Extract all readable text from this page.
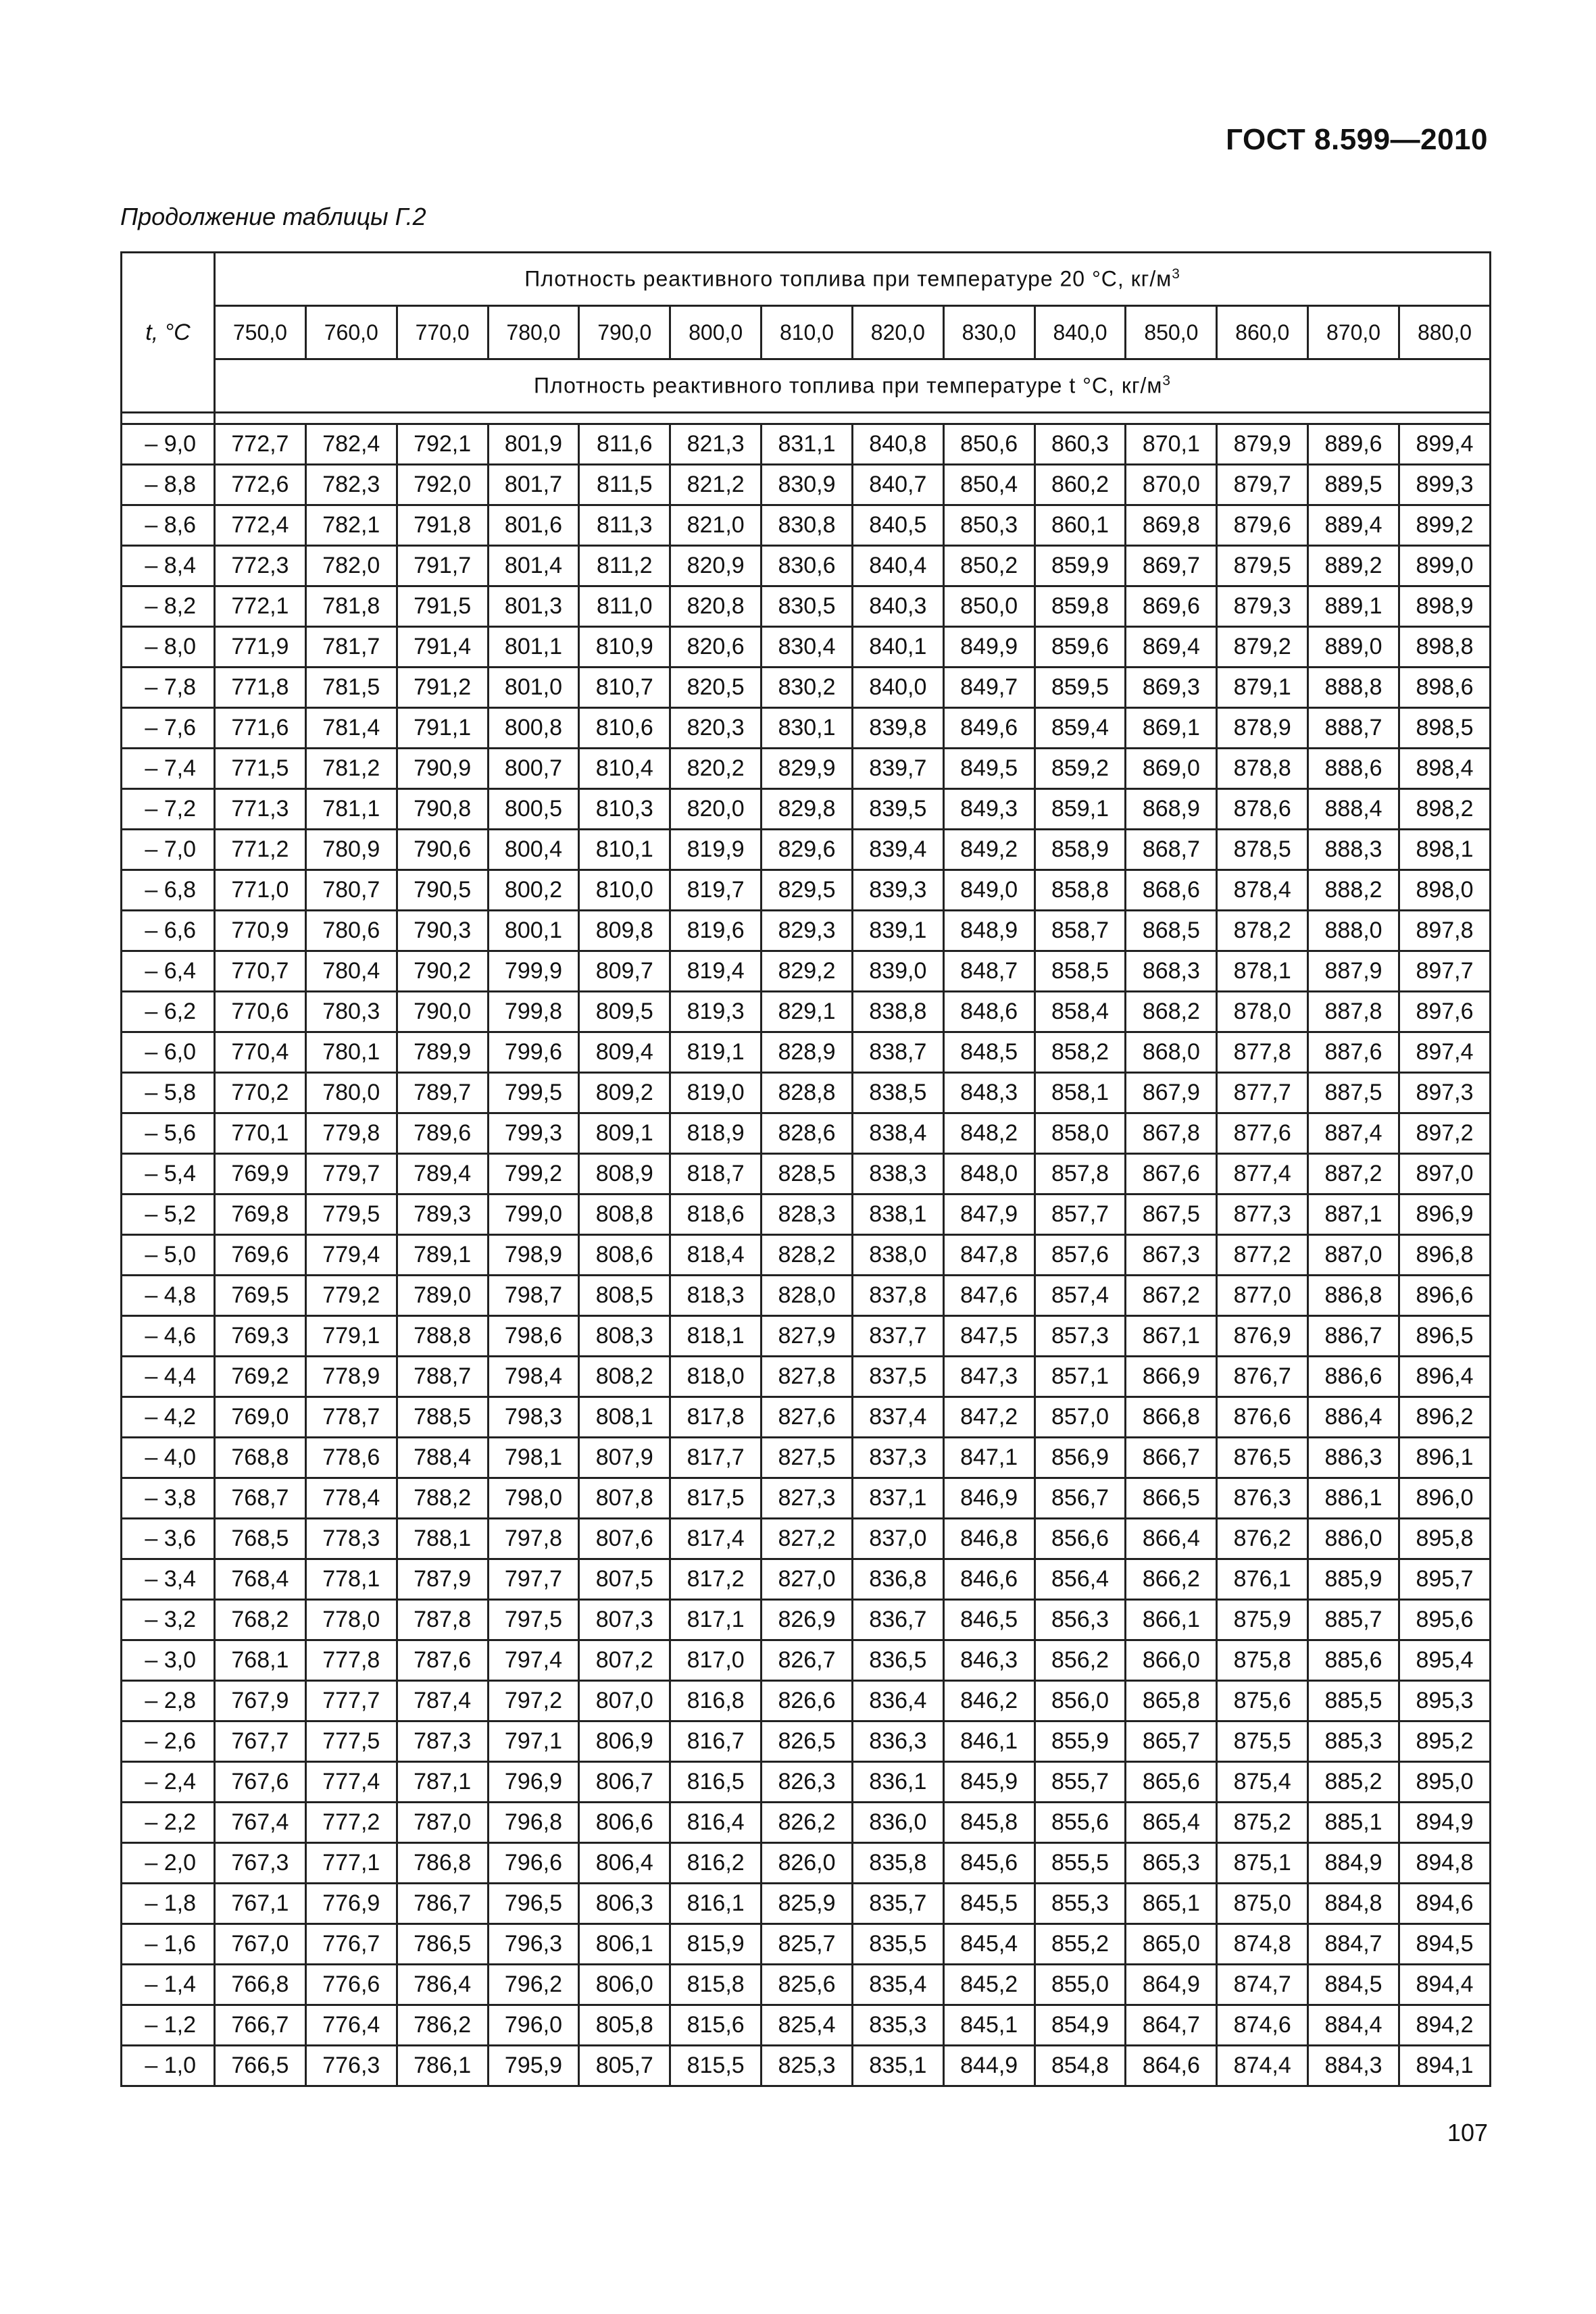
ГОСТ 8.599—2010
Продолжение таблицы Г.2
t, °C	Плотность реактивного топлива при температуре 20 °С, $кг/м^3$
	750,0	760,0	770,0	780,0	790,0	800,0	810,0	820,0	830,0	840,0	850,0	860,0	870,0	880,0
	Плотность реактивного топлива при температуре t °С, $кг/м^3$

– 9,0	772,7	782,4	792,1	801,9	811,6	821,3	831,1	840,8	850,6	860,3	870,1	879,9	889,6	899,4
– 8,8	772,6	782,3	792,0	801,7	811,5	821,2	830,9	840,7	850,4	860,2	870,0	879,7	889,5	899,3
– 8,6	772,4	782,1	791,8	801,6	811,3	821,0	830,8	840,5	850,3	860,1	869,8	879,6	889,4	899,2
– 8,4	772,3	782,0	791,7	801,4	811,2	820,9	830,6	840,4	850,2	859,9	869,7	879,5	889,2	899,0
– 8,2	772,1	781,8	791,5	801,3	811,0	820,8	830,5	840,3	850,0	859,8	869,6	879,3	889,1	898,9
– 8,0	771,9	781,7	791,4	801,1	810,9	820,6	830,4	840,1	849,9	859,6	869,4	879,2	889,0	898,8
– 7,8	771,8	781,5	791,2	801,0	810,7	820,5	830,2	840,0	849,7	859,5	869,3	879,1	888,8	898,6
– 7,6	771,6	781,4	791,1	800,8	810,6	820,3	830,1	839,8	849,6	859,4	869,1	878,9	888,7	898,5
– 7,4	771,5	781,2	790,9	800,7	810,4	820,2	829,9	839,7	849,5	859,2	869,0	878,8	888,6	898,4
– 7,2	771,3	781,1	790,8	800,5	810,3	820,0	829,8	839,5	849,3	859,1	868,9	878,6	888,4	898,2
– 7,0	771,2	780,9	790,6	800,4	810,1	819,9	829,6	839,4	849,2	858,9	868,7	878,5	888,3	898,1
– 6,8	771,0	780,7	790,5	800,2	810,0	819,7	829,5	839,3	849,0	858,8	868,6	878,4	888,2	898,0
– 6,6	770,9	780,6	790,3	800,1	809,8	819,6	829,3	839,1	848,9	858,7	868,5	878,2	888,0	897,8
– 6,4	770,7	780,4	790,2	799,9	809,7	819,4	829,2	839,0	848,7	858,5	868,3	878,1	887,9	897,7
– 6,2	770,6	780,3	790,0	799,8	809,5	819,3	829,1	838,8	848,6	858,4	868,2	878,0	887,8	897,6
– 6,0	770,4	780,1	789,9	799,6	809,4	819,1	828,9	838,7	848,5	858,2	868,0	877,8	887,6	897,4
– 5,8	770,2	780,0	789,7	799,5	809,2	819,0	828,8	838,5	848,3	858,1	867,9	877,7	887,5	897,3
– 5,6	770,1	779,8	789,6	799,3	809,1	818,9	828,6	838,4	848,2	858,0	867,8	877,6	887,4	897,2
– 5,4	769,9	779,7	789,4	799,2	808,9	818,7	828,5	838,3	848,0	857,8	867,6	877,4	887,2	897,0
– 5,2	769,8	779,5	789,3	799,0	808,8	818,6	828,3	838,1	847,9	857,7	867,5	877,3	887,1	896,9
– 5,0	769,6	779,4	789,1	798,9	808,6	818,4	828,2	838,0	847,8	857,6	867,3	877,2	887,0	896,8
– 4,8	769,5	779,2	789,0	798,7	808,5	818,3	828,0	837,8	847,6	857,4	867,2	877,0	886,8	896,6
– 4,6	769,3	779,1	788,8	798,6	808,3	818,1	827,9	837,7	847,5	857,3	867,1	876,9	886,7	896,5
– 4,4	769,2	778,9	788,7	798,4	808,2	818,0	827,8	837,5	847,3	857,1	866,9	876,7	886,6	896,4
– 4,2	769,0	778,7	788,5	798,3	808,1	817,8	827,6	837,4	847,2	857,0	866,8	876,6	886,4	896,2
– 4,0	768,8	778,6	788,4	798,1	807,9	817,7	827,5	837,3	847,1	856,9	866,7	876,5	886,3	896,1
– 3,8	768,7	778,4	788,2	798,0	807,8	817,5	827,3	837,1	846,9	856,7	866,5	876,3	886,1	896,0
– 3,6	768,5	778,3	788,1	797,8	807,6	817,4	827,2	837,0	846,8	856,6	866,4	876,2	886,0	895,8
– 3,4	768,4	778,1	787,9	797,7	807,5	817,2	827,0	836,8	846,6	856,4	866,2	876,1	885,9	895,7
– 3,2	768,2	778,0	787,8	797,5	807,3	817,1	826,9	836,7	846,5	856,3	866,1	875,9	885,7	895,6
– 3,0	768,1	777,8	787,6	797,4	807,2	817,0	826,7	836,5	846,3	856,2	866,0	875,8	885,6	895,4
– 2,8	767,9	777,7	787,4	797,2	807,0	816,8	826,6	836,4	846,2	856,0	865,8	875,6	885,5	895,3
– 2,6	767,7	777,5	787,3	797,1	806,9	816,7	826,5	836,3	846,1	855,9	865,7	875,5	885,3	895,2
– 2,4	767,6	777,4	787,1	796,9	806,7	816,5	826,3	836,1	845,9	855,7	865,6	875,4	885,2	895,0
– 2,2	767,4	777,2	787,0	796,8	806,6	816,4	826,2	836,0	845,8	855,6	865,4	875,2	885,1	894,9
– 2,0	767,3	777,1	786,8	796,6	806,4	816,2	826,0	835,8	845,6	855,5	865,3	875,1	884,9	894,8
– 1,8	767,1	776,9	786,7	796,5	806,3	816,1	825,9	835,7	845,5	855,3	865,1	875,0	884,8	894,6
– 1,6	767,0	776,7	786,5	796,3	806,1	815,9	825,7	835,5	845,4	855,2	865,0	874,8	884,7	894,5
– 1,4	766,8	776,6	786,4	796,2	806,0	815,8	825,6	835,4	845,2	855,0	864,9	874,7	884,5	894,4
– 1,2	766,7	776,4	786,2	796,0	805,8	815,6	825,4	835,3	845,1	854,9	864,7	874,6	884,4	894,2
– 1,0	766,5	776,3	786,1	795,9	805,7	815,5	825,3	835,1	844,9	854,8	864,6	874,4	884,3	894,1
107
